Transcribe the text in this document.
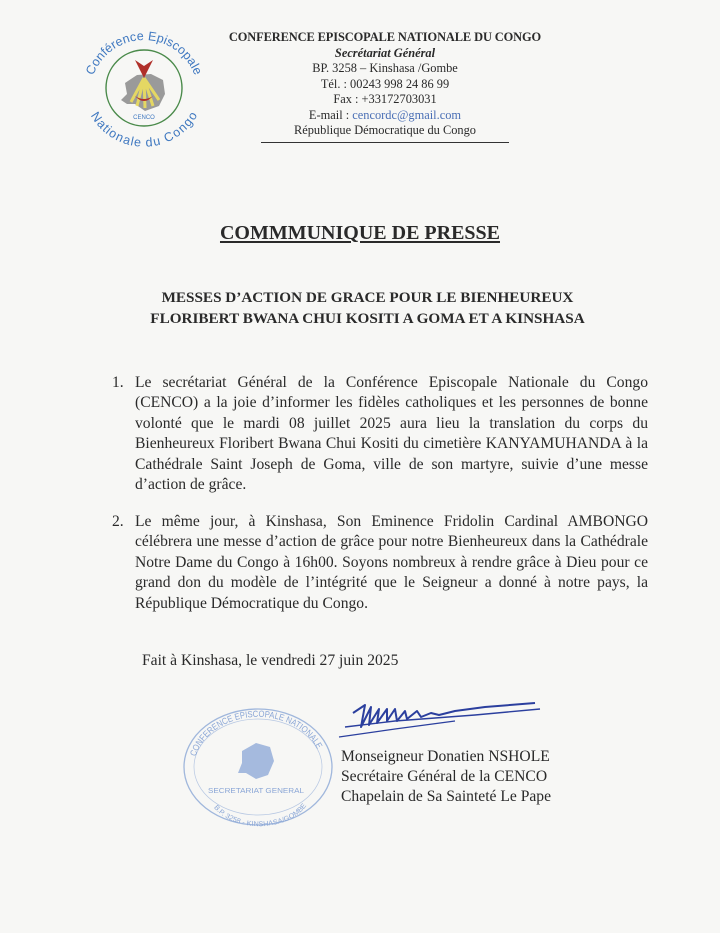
Conférence Episcopale
Nationale du Congo
CENCO
CONFERENCE EPISCOPALE NATIONALE DU CONGO
Secrétariat Général
BP. 3258 – Kinshasa /Gombe
Tél. : 00243 998 24 86 99
Fax : +33172703031
E-mail : cencordc@gmail.com
République Démocratique du Congo
COMMMUNIQUE DE PRESSE
MESSES D’ACTION DE GRACE POUR LE BIENHEUREUX
FLORIBERT BWANA CHUI KOSITI A GOMA ET A KINSHASA
1. Le secrétariat Général de la Conférence Episcopale Nationale du Congo (CENCO) a la joie d’informer les fidèles catholiques et les personnes de bonne volonté que le mardi 08 juillet 2025 aura lieu la translation du corps du Bienheureux Floribert Bwana Chui Kositi du cimetière KANYAMUHANDA à la Cathédrale Saint Joseph de Goma, ville de son martyre, suivie d’une messe d’action de grâce.
2. Le même jour, à Kinshasa, Son Eminence Fridolin Cardinal AMBONGO célébrera une messe d’action de grâce pour notre Bienheureux dans la Cathédrale Notre Dame du Congo à 16h00. Soyons nombreux à rendre grâce à Dieu pour ce grand don du modèle de l’intégrité que le Seigneur a donné à notre pays, la République Démocratique du Congo.
Fait à Kinshasa, le vendredi 27 juin 2025
CONFERENCE EPISCOPALE NATIONALE
SECRETARIAT GENERAL
B.P. 3258 - KINSHASA/GOMBE
Monseigneur Donatien NSHOLE
Secrétaire Général de la CENCO
Chapelain de Sa Sainteté Le Pape
